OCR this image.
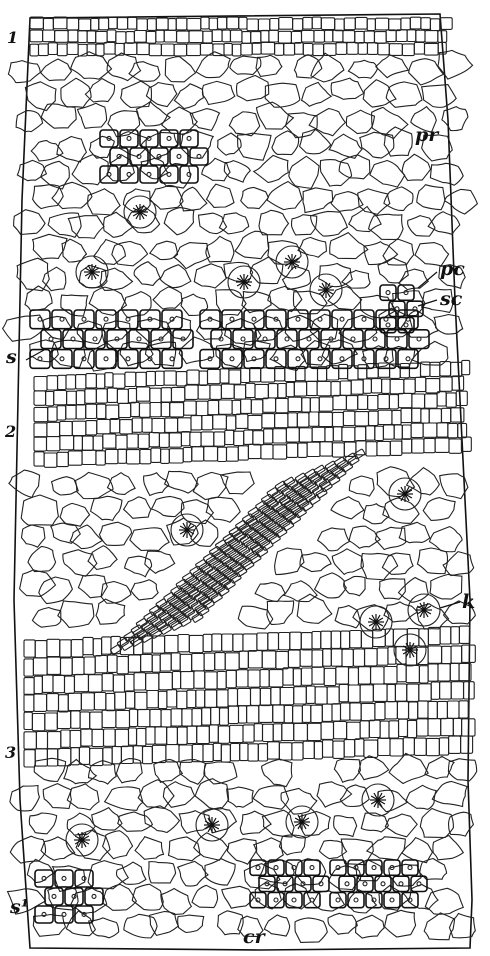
1
2
3
pr
pc
sc
s
k
s¹
cr
